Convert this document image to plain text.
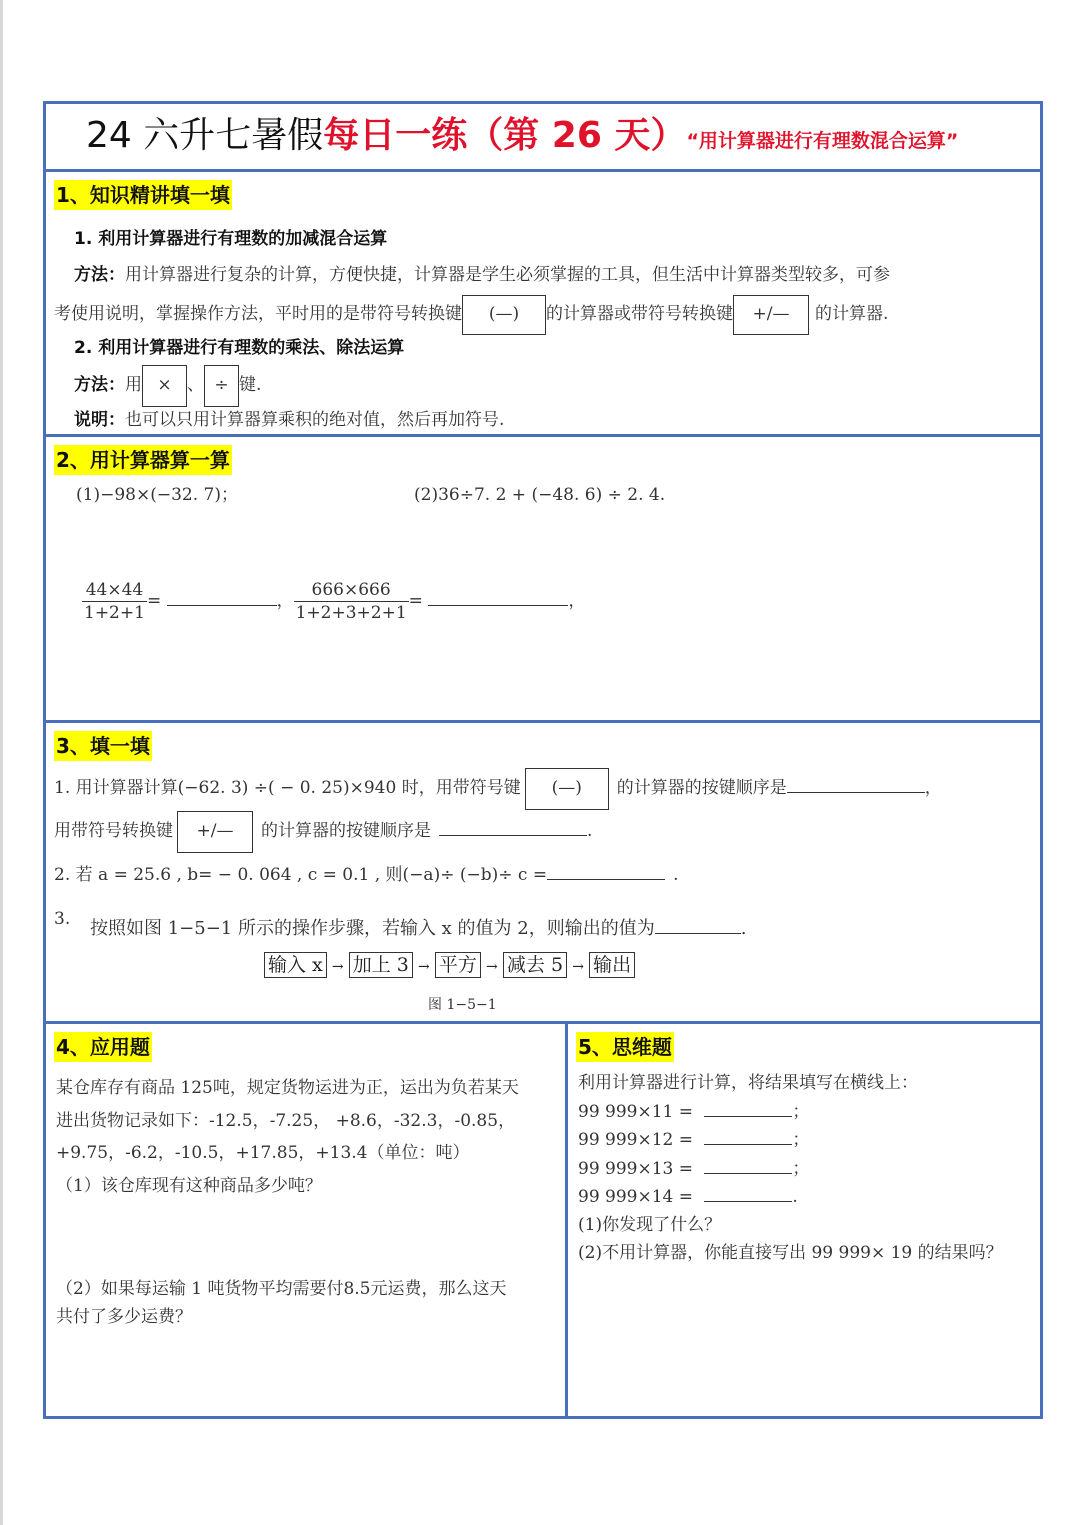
24 六升七暑假每日一练（第 26 天）“用计算器进行有理数混合运算”
1、知识精讲填一填
1. 利用计算器进行有理数的加减混合运算
方法：用计算器进行复杂的计算，方便快捷，计算器是学生必须掌握的工具，但生活中计算器类型较多，可参
考使用说明，掌握操作方法，平时用的是带符号转换键 (—) 的计算器或带符号转换键 +/— 的计算器.
2. 利用计算器进行有理数的乘法、除法运算
方法：用 × 、 ÷ 键.
说明：也可以只用计算器算乘积的绝对值，然后再加符号.
2、用计算器算一算
(1)−98×(−32. 7)；	(2)36÷7. 2 + (−48. 6) ÷ 2. 4.
$\frac{44\times 44}{1+2+1}$ =	， $\frac{666\times 666}{1+2+3+2+1}$ =	，
3、填一填
1. 用计算器计算(−62. 3) ÷( − 0. 25)×940 时，用带符号键 (—) 的计算器的按键顺序是	，
用带符号转换键 +/— 的计算器的按键顺序是	.
2. 若 a = 25.6 , b= − 0. 064 , c = 0.1 , 则(−a)÷ (−b)÷ c =	.
3. 按照如图 1−5−1 所示的操作步骤，若输入 x 的值为 2，则输出的值为	.
输入 x → 加上 3 → 平方 → 减去 5 → 输出
图 1−5−1
4、应用题
某仓库存有商品 125吨，规定货物运进为正，运出为负若某天
进出货物记录如下：-12.5，-7.25， +8.6，-32.3，-0.85，
+9.75，-6.2，-10.5，+17.85，+13.4（单位：吨）
（1）该仓库现有这种商品多少吨？
（2）如果每运输 1 吨货物平均需要付8.5元运费，那么这天
共付了多少运费？
5、思维题
利用计算器进行计算，将结果填写在横线上：
99 999×11 =	；
99 999×12 =	；
99 999×13 =	；
99 999×14 =	.
(1)你发现了什么？
(2)不用计算器，你能直接写出 99 999× 19 的结果吗？
